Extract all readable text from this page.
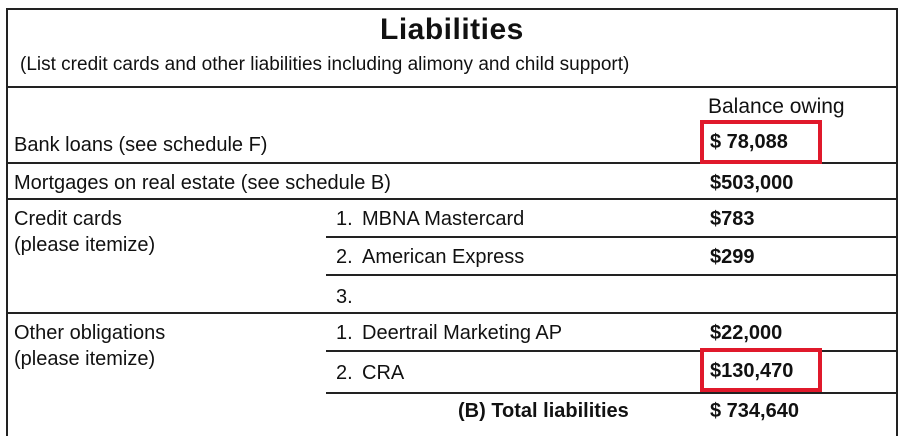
Liabilities
(List credit cards and other liabilities including alimony and child support)
Balance owing
Bank loans (see schedule F)	$ 78,088
Mortgages on real estate (see schedule B)	$503,000
Credit cards
(please itemize)
1. MBNA Mastercard	$783
2. American Express	$299
3.
Other obligations
(please itemize)
1. Deertrail Marketing AP	$22,000
2. CRA	$130,470
(B) Total liabilities	$ 734,640
